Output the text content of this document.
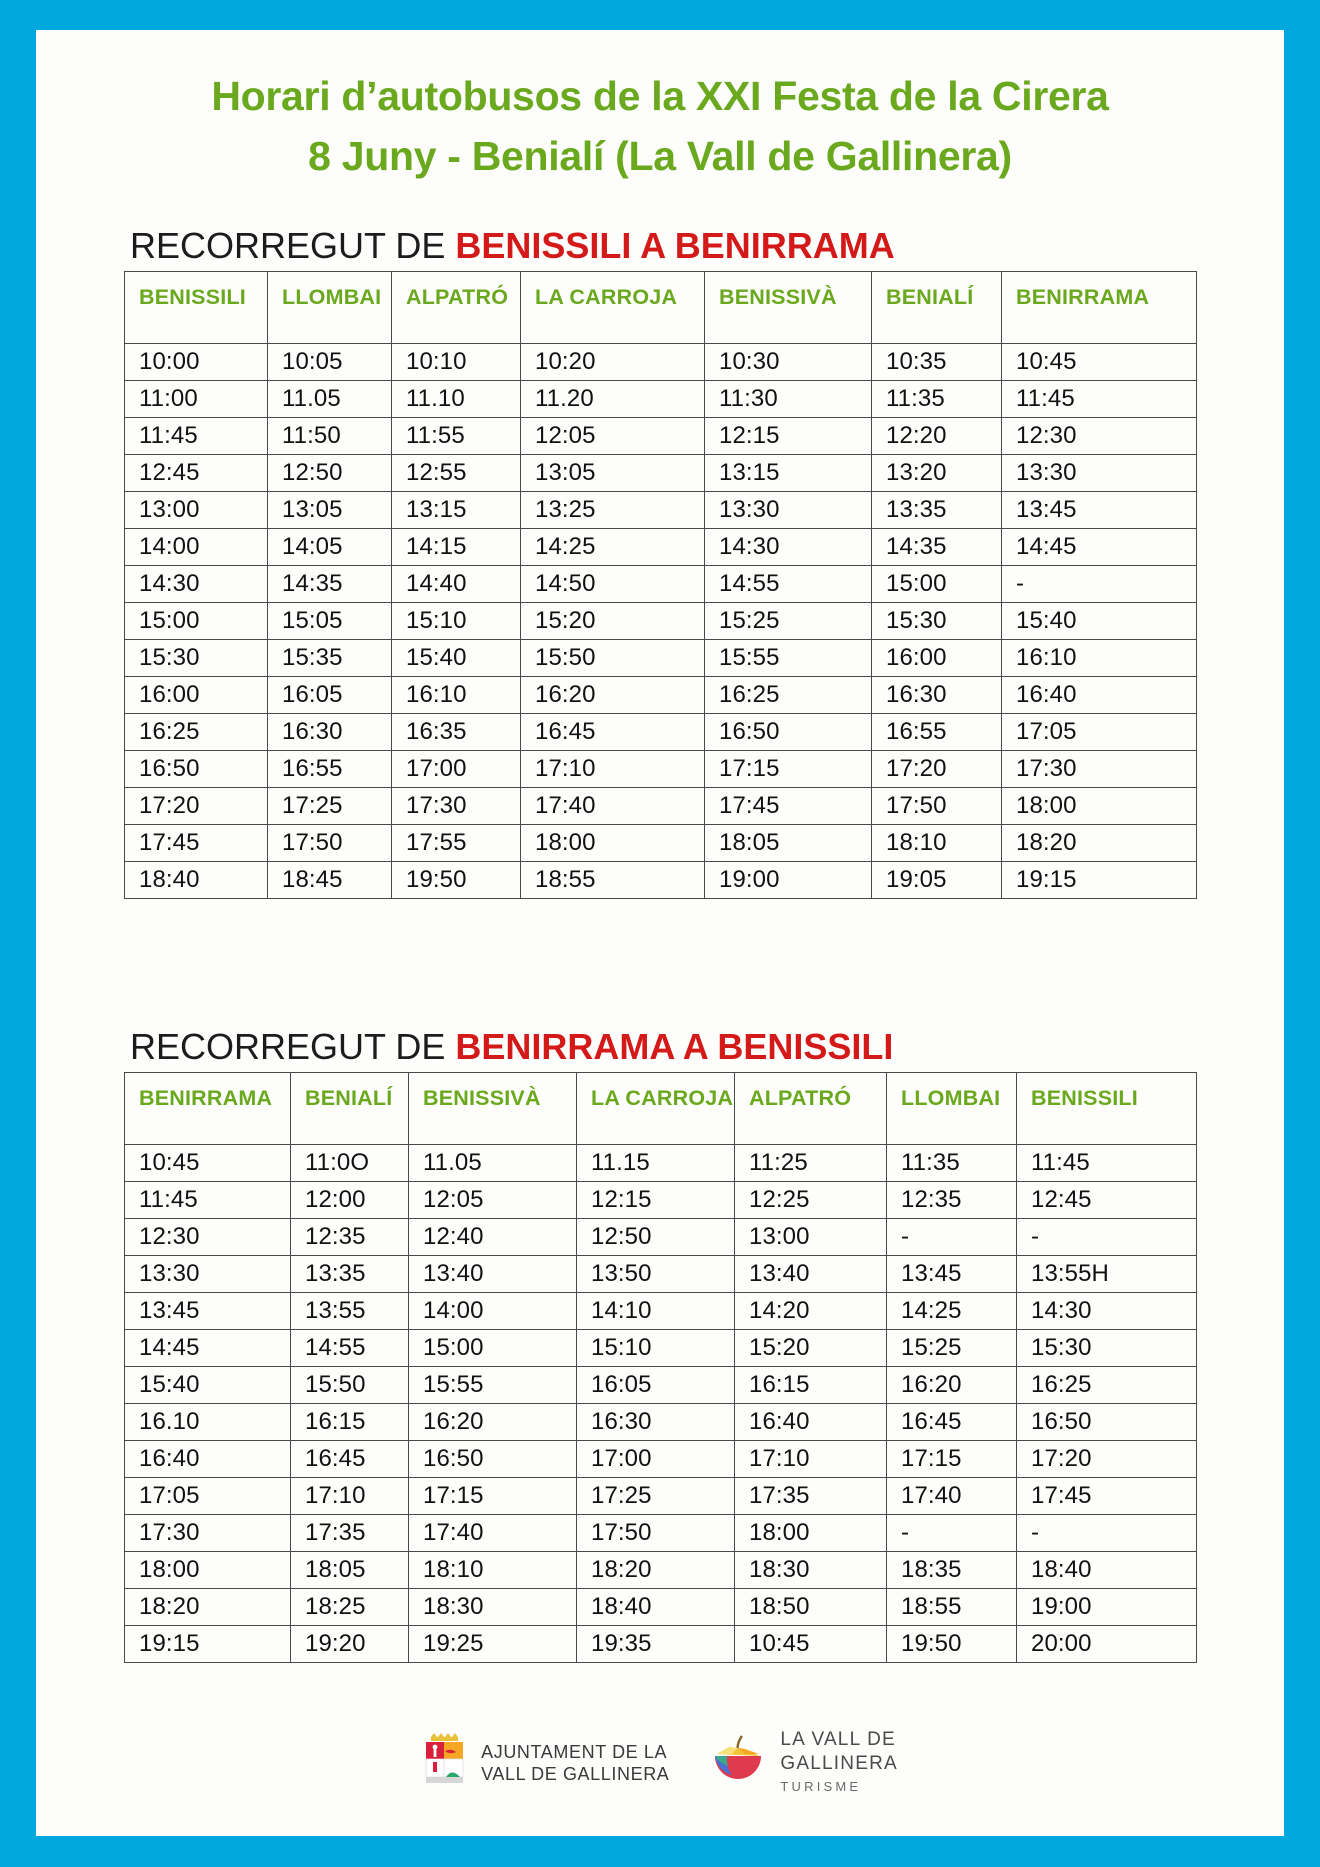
Horari d’autobusos de la XXI Festa de la Cirera
8 Juny - Benialí (La Vall de Gallinera)
RECORREGUT DE BENISSILI A BENIRRAMA
BENISSILI	LLOMBAI	ALPATRÓ	LA CARROJA	BENISSIVÀ	BENIALÍ	BENIRRAMA
10:00	10:05	10:10	10:20	10:30	10:35	10:45
11:00	11.05	11.10	11.20	11:30	11:35	11:45
11:45	11:50	11:55	12:05	12:15	12:20	12:30
12:45	12:50	12:55	13:05	13:15	13:20	13:30
13:00	13:05	13:15	13:25	13:30	13:35	13:45
14:00	14:05	14:15	14:25	14:30	14:35	14:45
14:30	14:35	14:40	14:50	14:55	15:00	-
15:00	15:05	15:10	15:20	15:25	15:30	15:40
15:30	15:35	15:40	15:50	15:55	16:00	16:10
16:00	16:05	16:10	16:20	16:25	16:30	16:40
16:25	16:30	16:35	16:45	16:50	16:55	17:05
16:50	16:55	17:00	17:10	17:15	17:20	17:30
17:20	17:25	17:30	17:40	17:45	17:50	18:00
17:45	17:50	17:55	18:00	18:05	18:10	18:20
18:40	18:45	19:50	18:55	19:00	19:05	19:15
RECORREGUT DE BENIRRAMA A BENISSILI
BENIRRAMA	BENIALÍ	BENISSIVÀ	LA CARROJA	ALPATRÓ	LLOMBAI	BENISSILI
10:45	11:0O	11.05	11.15	11:25	11:35	11:45
11:45	12:00	12:05	12:15	12:25	12:35	12:45
12:30	12:35	12:40	12:50	13:00	-	-
13:30	13:35	13:40	13:50	13:40	13:45	13:55H
13:45	13:55	14:00	14:10	14:20	14:25	14:30
14:45	14:55	15:00	15:10	15:20	15:25	15:30
15:40	15:50	15:55	16:05	16:15	16:20	16:25
16.10	16:15	16:20	16:30	16:40	16:45	16:50
16:40	16:45	16:50	17:00	17:10	17:15	17:20
17:05	17:10	17:15	17:25	17:35	17:40	17:45
17:30	17:35	17:40	17:50	18:00	-	-
18:00	18:05	18:10	18:20	18:30	18:35	18:40
18:20	18:25	18:30	18:40	18:50	18:55	19:00
19:15	19:20	19:25	19:35	10:45	19:50	20:00
AJUNTAMENT DE LA
VALL DE GALLINERA
LA VALL DE
GALLINERA
TURISME
